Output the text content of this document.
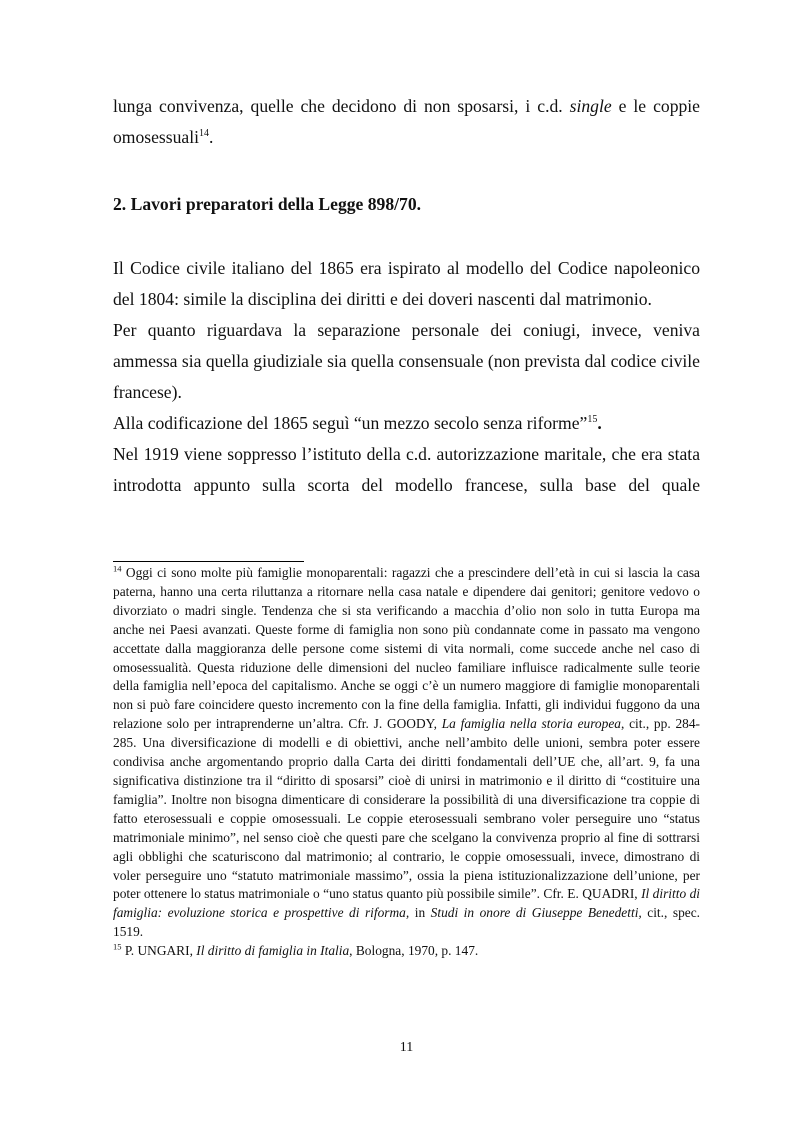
lunga convivenza, quelle che decidono di non sposarsi, i c.d. single e le coppie omosessuali$^{14}$.

2. Lavori preparatori della Legge 898/70.

Il Codice civile italiano del 1865 era ispirato al modello del Codice napoleonico del 1804: simile la disciplina dei diritti e dei doveri nascenti dal matrimonio.

Per quanto riguardava la separazione personale dei coniugi, invece, veniva ammessa sia quella giudiziale sia quella consensuale (non prevista dal codice civile francese).

Alla codificazione del 1865 seguì “un mezzo secolo senza riforme”$^{15}$.

Nel 1919 viene soppresso l’istituto della c.d. autorizzazione maritale, che era stata introdotta appunto sulla scorta del modello francese, sulla base del quale

$^{14}$ Oggi ci sono molte più famiglie monoparentali: ragazzi che a prescindere dell’età in cui si lascia la casa paterna, hanno una certa riluttanza a ritornare nella casa natale e dipendere dai genitori; genitore vedovo o divorziato o madri single. Tendenza che si sta verificando a macchia d’olio non solo in tutta Europa ma anche nei Paesi avanzati. Queste forme di famiglia non sono più condannate come in passato ma vengono accettate dalla maggioranza delle persone come sistemi di vita normali, come succede anche nel caso di omosessualità. Questa riduzione delle dimensioni del nucleo familiare influisce radicalmente sulle teorie della famiglia nell’epoca del capitalismo. Anche se oggi c’è un numero maggiore di famiglie monoparentali non si può fare coincidere questo incremento con la fine della famiglia. Infatti, gli individui fuggono da una relazione solo per intraprenderne un’altra. Cfr. J. GOODY, La famiglia nella storia europea, cit., pp. 284-285. Una diversificazione di modelli e di obiettivi, anche nell’ambito delle unioni, sembra poter essere condivisa anche argomentando proprio dalla Carta dei diritti fondamentali dell’UE che, all’art. 9, fa una significativa distinzione tra il “diritto di sposarsi” cioè di unirsi in matrimonio e il diritto di “costituire una famiglia”. Inoltre non bisogna dimenticare di considerare la possibilità di una diversificazione tra coppie di fatto eterosessuali e coppie omosessuali. Le coppie eterosessuali sembrano voler perseguire uno “status matrimoniale minimo”, nel senso cioè che questi pare che scelgano la convivenza proprio al fine di sottrarsi agli obblighi che scaturiscono dal matrimonio; al contrario, le coppie omosessuali, invece, dimostrano di voler perseguire uno “statuto matrimoniale massimo”, ossia la piena istituzionalizzazione dell’unione, per poter ottenere lo status matrimoniale o “uno status quanto più possibile simile”. Cfr. E. QUADRI, Il diritto di famiglia: evoluzione storica e prospettive di riforma, in Studi in onore di Giuseppe Benedetti, cit., spec. 1519.

$^{15}$ P. UNGARI, Il diritto di famiglia in Italia, Bologna, 1970, p. 147.

11
